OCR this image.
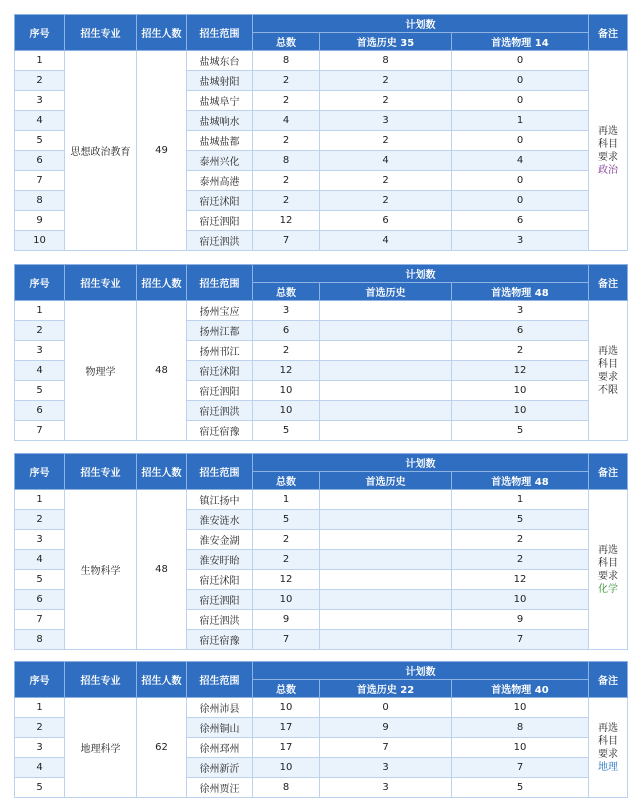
序号	招生专业	招生人数	招生范围	计划数			备注
				总数	首选历史 35	首选物理 14	
1	思想政治教育	49	盐城东台	8	8	0	再选
科目
要求
政治

2			盐城射阳	2	2	0	
3			盐城阜宁	2	2	0	
4			盐城响水	4	3	1	
5			盐城盐都	2	2	0	
6			泰州兴化	8	4	4	
7			泰州高港	2	2	0	
8			宿迁沭阳	2	2	0	
9			宿迁泗阳	12	6	6	
10			宿迁泗洪	7	4	3	
序号	招生专业	招生人数	招生范围	计划数			备注
				总数	首选历史	首选物理 48	
1	物理学	48	扬州宝应	3		3	再选
科目
要求
不限

2			扬州江都	6		6	
3			扬州邗江	2		2	
4			宿迁沭阳	12		12	
5			宿迁泗阳	10		10	
6			宿迁泗洪	10		10	
7			宿迁宿豫	5		5	
序号	招生专业	招生人数	招生范围	计划数			备注
				总数	首选历史	首选物理 48	
1	生物科学	48	镇江扬中	1		1	再选
科目
要求
化学

2			淮安涟水	5		5	
3			淮安金湖	2		2	
4			淮安盱眙	2		2	
5			宿迁沭阳	12		12	
6			宿迁泗阳	10		10	
7			宿迁泗洪	9		9	
8			宿迁宿豫	7		7	
序号	招生专业	招生人数	招生范围	计划数			备注
				总数	首选历史 22	首选物理 40	
1	地理科学	62	徐州沛县	10	0	10	再选
科目
要求
地理

2			徐州铜山	17	9	8	
3			徐州邳州	17	7	10	
4			徐州新沂	10	3	7	
5			徐州贾汪	8	3	5	
